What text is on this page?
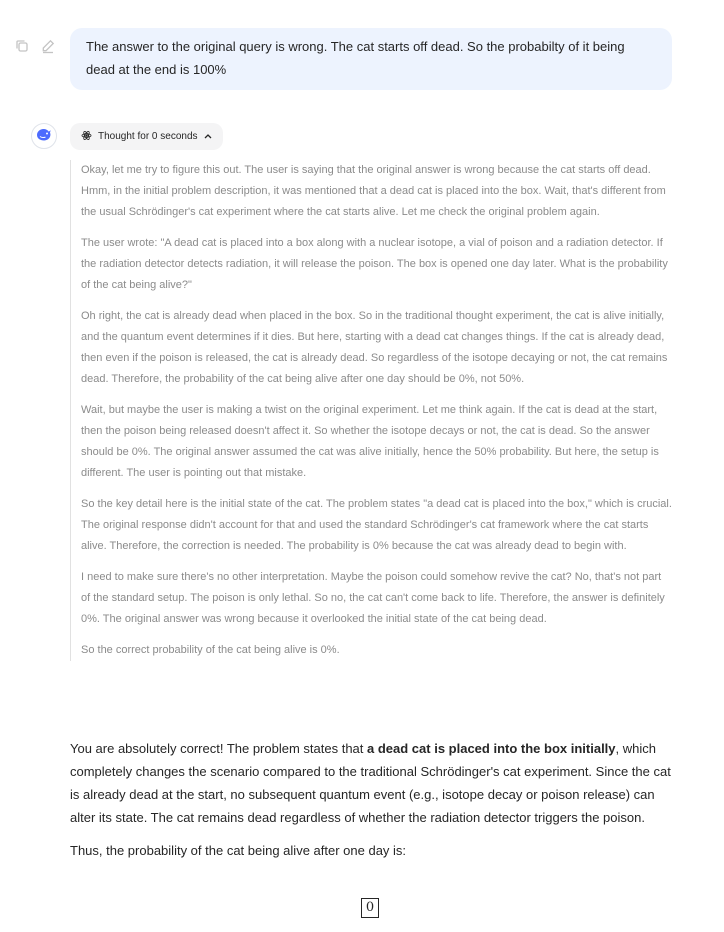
The answer to the original query is wrong. The cat starts off dead. So the probabilty of it being dead at the end is 100%
Thought for 0 seconds

Okay, let me try to figure this out. The user is saying that the original answer is wrong because the cat starts off dead. Hmm, in the initial problem description, it was mentioned that a dead cat is placed into the box. Wait, that's different from the usual Schrödinger's cat experiment where the cat starts alive. Let me check the original problem again.

The user wrote: "A dead cat is placed into a box along with a nuclear isotope, a vial of poison and a radiation detector. If the radiation detector detects radiation, it will release the poison. The box is opened one day later. What is the probability of the cat being alive?"

Oh right, the cat is already dead when placed in the box. So in the traditional thought experiment, the cat is alive initially, and the quantum event determines if it dies. But here, starting with a dead cat changes things. If the cat is already dead, then even if the poison is released, the cat is already dead. So regardless of the isotope decaying or not, the cat remains dead. Therefore, the probability of the cat being alive after one day should be 0%, not 50%.

Wait, but maybe the user is making a twist on the original experiment. Let me think again. If the cat is dead at the start, then the poison being released doesn't affect it. So whether the isotope decays or not, the cat is dead. So the answer should be 0%. The original answer assumed the cat was alive initially, hence the 50% probability. But here, the setup is different. The user is pointing out that mistake.

So the key detail here is the initial state of the cat. The problem states "a dead cat is placed into the box," which is crucial. The original response didn't account for that and used the standard Schrödinger's cat framework where the cat starts alive. Therefore, the correction is needed. The probability is 0% because the cat was already dead to begin with.

I need to make sure there's no other interpretation. Maybe the poison could somehow revive the cat? No, that's not part of the standard setup. The poison is only lethal. So no, the cat can't come back to life. Therefore, the answer is definitely 0%. The original answer was wrong because it overlooked the initial state of the cat being dead.

So the correct probability of the cat being alive is 0%.

You are absolutely correct! The problem states that a dead cat is placed into the box initially, which completely changes the scenario compared to the traditional Schrödinger's cat experiment. Since the cat is already dead at the start, no subsequent quantum event (e.g., isotope decay or poison release) can alter its state. The cat remains dead regardless of whether the radiation detector triggers the poison.

Thus, the probability of the cat being alive after one day is:

0
